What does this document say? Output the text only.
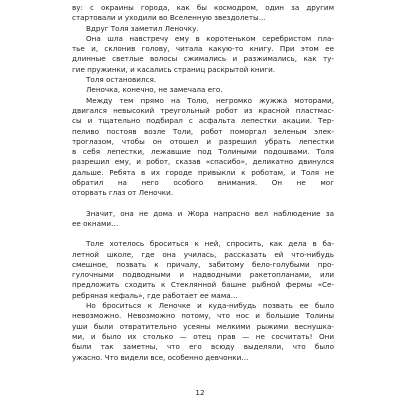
ву: с окраины города, как бы космодром, один за другим
стартовали и уходили во Вселенную звездолеты…
Вдруг Толя заметил Леночку.
Она шла навстречу ему в коротеньком серебристом пла-
тье и, склонив голову, читала какую-то книгу. При этом ее
длинные светлые волосы сжимались и разжимались, как ту-
гие пружинки, и касались страниц раскрытой книги.
Толя остановился.
Леночка, конечно, не замечала его.
Между тем прямо на Толю, негромко жужжа моторами,
двигался невысокий треугольный робот из красной пластмас-
сы и тщательно подбирал с асфальта лепестки акации. Тер-
пеливо постояв возле Толи, робот поморгал зеленым элек-
троглазом, чтобы он отошел и разрешил убрать лепестки
в себя лепестки, лежавшие под Толиными подошвами. Толя
разрешил ему, и робот, сказав «спасибо», деликатно двинулся
дальше. Ребята в их городе привыкли к роботам, и Толя не
обратил на него особого внимания. Он не мог
оторвать глаз от Леночки.
Значит, она не дома и Жора напрасно вел наблюдение за
ее окнами…
Толе хотелось броситься к ней, спросить, как дела в ба-
летной школе, где она училась, рассказать ей что-нибудь
смешное, позвать к причалу, забитому бело-голубыми про-
гулочными подводными и надводными ракетопланами, или
предложить сходить к Стеклянной башне рыбной фермы «Се-
ребряная кефаль», где работает ее мама…
Но броситься к Леночке и куда-нибудь позвать ее было
невозможно. Невозможно потому, что нос и большие Толины
уши были отвратительно усеяны мелкими рыжими веснушка-
ми, и было их столько — отец прав — не сосчитать! Они
были так заметны, что его всюду выделяли, что было
ужасно. Что видели все, особенно девчонки…
12
